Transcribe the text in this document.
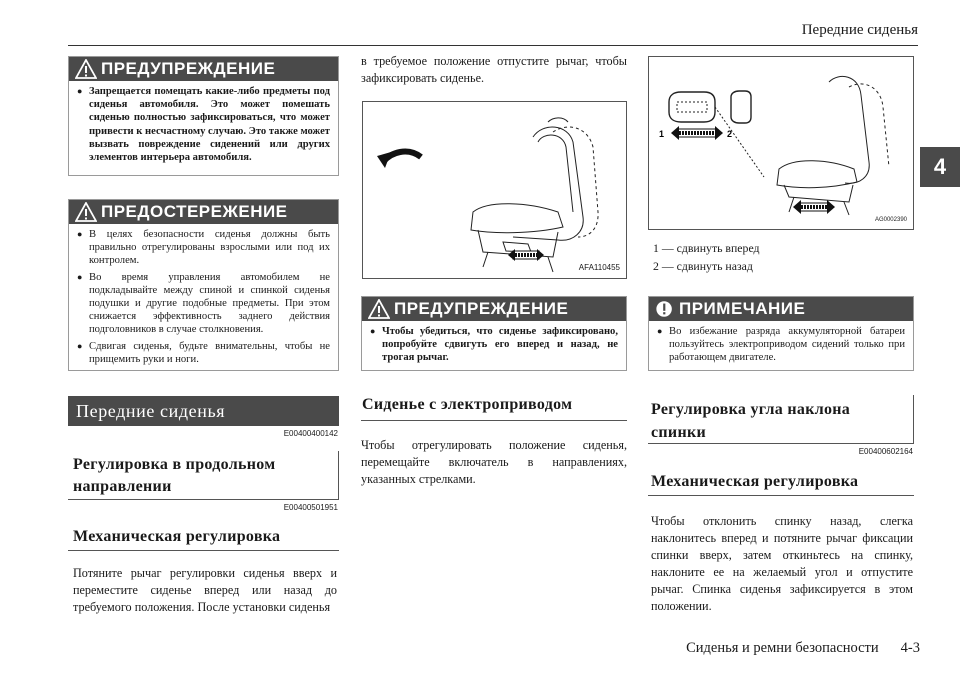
Передние сиденья
4
ПРЕДУПРЕЖДЕНИЕ
● Запрещается помещать какие-либо предметы под сиденья автомобиля. Это может помешать сиденью полностью зафиксироваться, что может привести к несчастному случаю. Это также может вызвать повреждение сиденений или других элементов интерьера автомобиля.
ПРЕДОСТЕРЕЖЕНИЕ
● В целях безопасности сиденья должны быть правильно отрегулированы взрослыми или под их контролем.
● Во время управления автомобилем не подкладывайте между спиной и спинкой сиденья подушки и другие подобные предметы. При этом снижается эффективность заднего действия подголовников в случае столкновения.
● Сдвигая сиденья, будьте внимательны, чтобы не прищемить руки и ноги.
Передние сиденья
E00400400142
Регулировка в продольном направлении
E00400501951
Механическая регулировка
Потяните рычаг регулировки сиденья вверх и переместите сиденье вперед или назад до требуемого положения. После установки сиденья
в требуемое положение отпустите рычаг, чтобы зафиксировать сиденье.
AFA110455
ПРЕДУПРЕЖДЕНИЕ
● Чтобы убедиться, что сиденье зафиксировано, попробуйте сдвигуть его вперед и назад, не трогая рычаг.
Сиденье с электроприводом
Чтобы отрегулировать положение сиденья, перемещайте включатель в направлениях, указанных стрелками.
1	2
AG0002390
1 — сдвинуть вперед
2 — сдвинуть назад
ПРИМЕЧАНИЕ
● Во избежание разряда аккумуляторной батареи пользуйтесь электроприводом сидений только при работающем двигателе.
Регулировка угла наклона спинки
E00400602164
Механическая регулировка
Чтобы отклонить спинку назад, слегка наклонитесь вперед и потяните рычаг фиксации спинки вверх, затем откиньтесь на спинку, наклоните ее на желаемый угол и отпустите рычаг. Спинка сиденья зафиксируется в этом положении.
Сиденья и ремни безопасности 4-3
